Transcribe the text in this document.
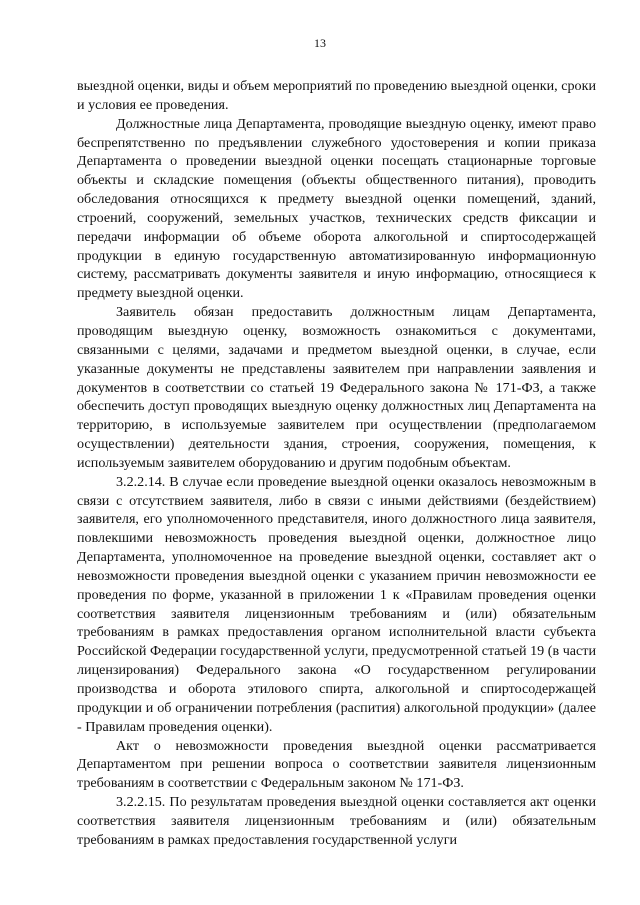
13

выездной оценки, виды и объем мероприятий по проведению выездной оценки, сроки и условия ее проведения.

Должностные лица Департамента, проводящие выездную оценку, имеют право беспрепятственно по предъявлении служебного удостоверения и копии приказа Департамента о проведении выездной оценки посещать стационарные торговые объекты и складские помещения (объекты общественного питания), проводить обследования относящихся к предмету выездной оценки помещений, зданий, строений, сооружений, земельных участков, технических средств фиксации и передачи информации об объеме оборота алкогольной и спиртосодержащей продукции в единую государственную автоматизированную информационную систему, рассматривать документы заявителя и иную информацию, относящиеся к предмету выездной оценки.

Заявитель обязан предоставить должностным лицам Департамента, проводящим выездную оценку, возможность ознакомиться с документами, связанными с целями, задачами и предметом выездной оценки, в случае, если указанные документы не представлены заявителем при направлении заявления и документов в соответствии со статьей 19 Федерального закона № 171-ФЗ, а также обеспечить доступ проводящих выездную оценку должностных лиц Департамента на территорию, в используемые заявителем при осуществлении (предполагаемом осуществлении) деятельности здания, строения, сооружения, помещения, к используемым заявителем оборудованию и другим подобным объектам.

3.2.2.14. В случае если проведение выездной оценки оказалось невозможным в связи с отсутствием заявителя, либо в связи с иными действиями (бездействием) заявителя, его уполномоченного представителя, иного должностного лица заявителя, повлекшими невозможность проведения выездной оценки, должностное лицо Департамента, уполномоченное на проведение выездной оценки, составляет акт о невозможности проведения выездной оценки с указанием причин невозможности ее проведения по форме, указанной в приложении 1 к «Правилам проведения оценки соответствия заявителя лицензионным требованиям и (или) обязательным требованиям в рамках предоставления органом исполнительной власти субъекта Российской Федерации государственной услуги, предусмотренной статьей 19 (в части лицензирования) Федерального закона «О государственном регулировании производства и оборота этилового спирта, алкогольной и спиртосодержащей продукции и об ограничении потребления (распития) алкогольной продукции» (далее - Правилам проведения оценки).

Акт о невозможности проведения выездной оценки рассматривается Департаментом при решении вопроса о соответствии заявителя лицензионным требованиям в соответствии с Федеральным законом № 171-ФЗ.

3.2.2.15. По результатам проведения выездной оценки составляется акт оценки соответствия заявителя лицензионным требованиям и (или) обязательным требованиям в рамках предоставления государственной услуги
